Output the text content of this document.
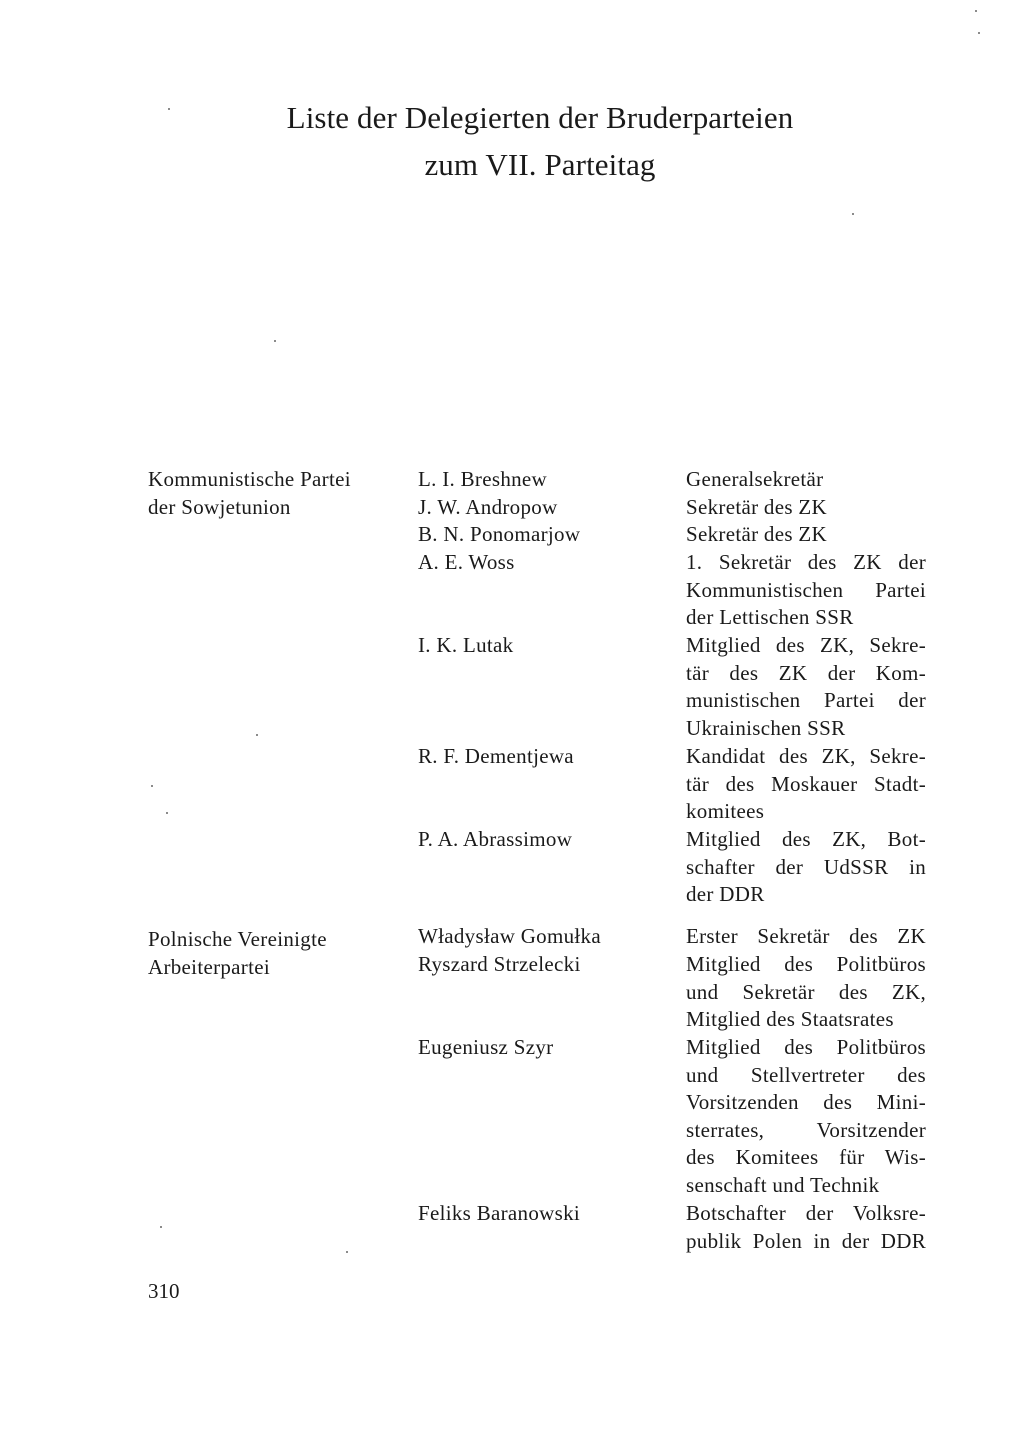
Liste der Delegierten der Bruderparteien
zum VII. Parteitag
Kommunistische Partei
der Sowjetunion
L. I. Breshnew	Generalsekretär
J. W. Andropow	Sekretär des ZK
B. N. Ponomarjow	Sekretär des ZK
A. E. Woss	1. Sekretär des ZK der
Kommunistischen Partei
der Lettischen SSR
I. K. Lutak	Mitglied des ZK, Sekre-
tär des ZK der Kom-
munistischen Partei der
Ukrainischen SSR
R. F. Dementjewa	Kandidat des ZK, Sekre-
tär des Moskauer Stadt-
komitees
P. A. Abrassimow	Mitglied des ZK, Bot-
schafter der UdSSR in
der DDR
Polnische Vereinigte
Arbeiterpartei
Władysław Gomułka	Erster Sekretär des ZK
Ryszard Strzelecki	Mitglied des Politbüros
und Sekretär des ZK,
Mitglied des Staatsrates
Eugeniusz Szyr	Mitglied des Politbüros
und Stellvertreter des
Vorsitzenden des Mini-
sterrates, Vorsitzender
des Komitees für Wis-
senschaft und Technik
Feliks Baranowski	Botschafter der Volksre-
publik Polen in der DDR
310
